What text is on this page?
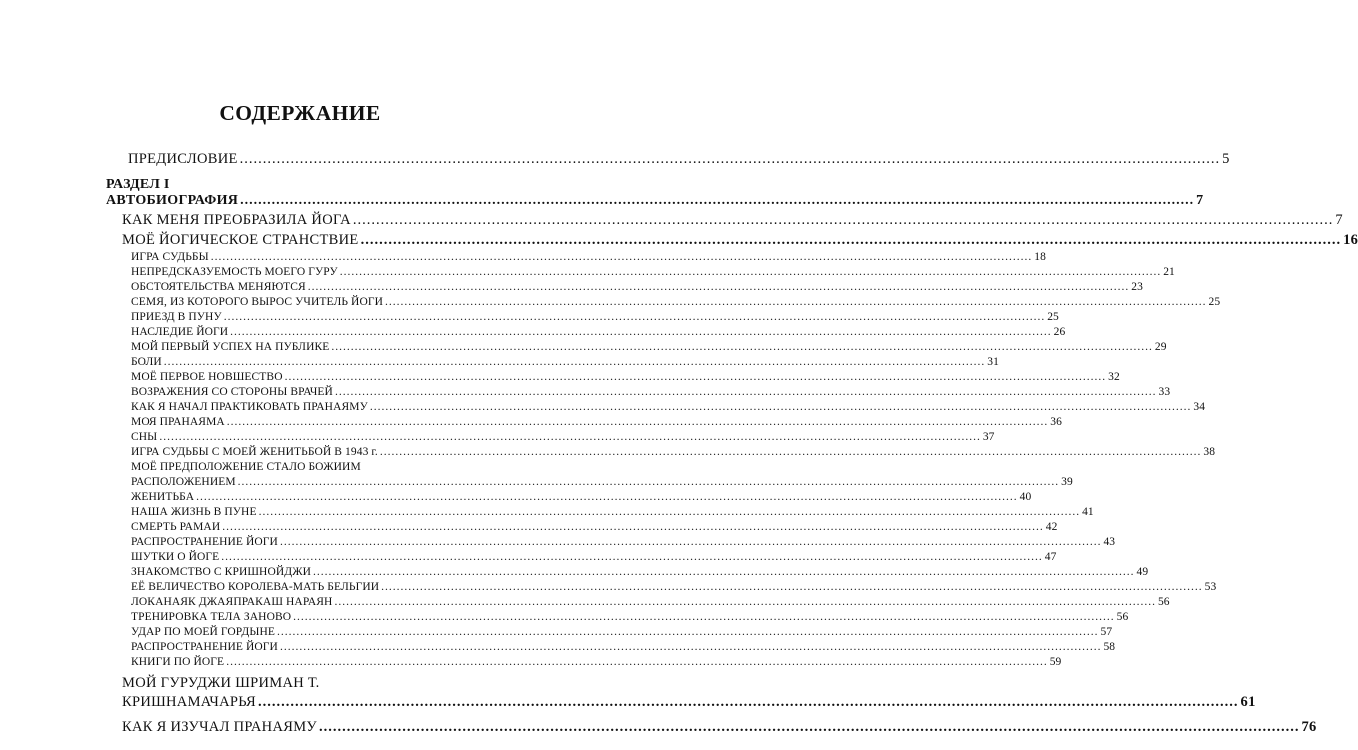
СОДЕРЖАНИЕ
ПРЕДИСЛОВИЕ .................................................................................................................................................................................................................... 5
РАЗДЕЛ I
АВТОБИОГРАФИЯ .................................................................................................................................................................................................................... 7
КАК МЕНЯ ПРЕОБРАЗИЛА ЙОГА .................................................................................................................................................................................................................... 7
МОЁ ЙОГИЧЕСКОЕ СТРАНСТВИЕ .................................................................................................................................................................................................................... 16
ИГРА СУДЬБЫ .................................................................................................................................................................................................................... 18
НЕПРЕДСКАЗУЕМОСТЬ МОЕГО ГУРУ .................................................................................................................................................................................................................... 21
ОБСТОЯТЕЛЬСТВА МЕНЯЮТСЯ .................................................................................................................................................................................................................... 23
СЕМЯ, ИЗ КОТОРОГО ВЫРОС УЧИТЕЛЬ ЙОГИ .................................................................................................................................................................................................................... 25
ПРИЕЗД В ПУНУ .................................................................................................................................................................................................................... 25
НАСЛЕДИЕ ЙОГИ .................................................................................................................................................................................................................... 26
МОЙ ПЕРВЫЙ УСПЕХ НА ПУБЛИКЕ .................................................................................................................................................................................................................... 29
БОЛИ .................................................................................................................................................................................................................... 31
МОЁ ПЕРВОЕ НОВШЕСТВО .................................................................................................................................................................................................................... 32
ВОЗРАЖЕНИЯ СО СТОРОНЫ ВРАЧЕЙ .................................................................................................................................................................................................................... 33
КАК Я НАЧАЛ ПРАКТИКОВАТЬ ПРАНАЯМУ .................................................................................................................................................................................................................... 34
МОЯ ПРАНАЯМА .................................................................................................................................................................................................................... 36
СНЫ .................................................................................................................................................................................................................... 37
ИГРА СУДЬБЫ С МОЕЙ ЖЕНИТЬБОЙ В 1943 г. .................................................................................................................................................................................................................... 38
МОЁ ПРЕДПОЛОЖЕНИЕ СТАЛО БОЖИИМ
РАСПОЛОЖЕНИЕМ .................................................................................................................................................................................................................... 39
ЖЕНИТЬБА .................................................................................................................................................................................................................... 40
НАША ЖИЗНЬ В ПУНЕ .................................................................................................................................................................................................................... 41
СМЕРТЬ РАМАИ .................................................................................................................................................................................................................... 42
РАСПРОСТРАНЕНИЕ ЙОГИ .................................................................................................................................................................................................................... 43
ШУТКИ О ЙОГЕ .................................................................................................................................................................................................................... 47
ЗНАКОМСТВО С КРИШНОЙДЖИ .................................................................................................................................................................................................................... 49
ЕЁ ВЕЛИЧЕСТВО КОРОЛЕВА-МАТЬ БЕЛЬГИИ .................................................................................................................................................................................................................... 53
ЛОКАНАЯК ДЖАЯПРАКАШ НАРАЯН .................................................................................................................................................................................................................... 56
ТРЕНИРОВКА ТЕЛА ЗАНОВО .................................................................................................................................................................................................................... 56
УДАР ПО МОЕЙ ГОРДЫНЕ .................................................................................................................................................................................................................... 57
РАСПРОСТРАНЕНИЕ ЙОГИ .................................................................................................................................................................................................................... 58
КНИГИ ПО ЙОГЕ .................................................................................................................................................................................................................... 59
МОЙ ГУРУДЖИ ШРИМАН Т.
КРИШНАМАЧАРЬЯ .................................................................................................................................................................................................................... 61
КАК Я ИЗУЧАЛ ПРАНАЯМУ .................................................................................................................................................................................................................... 76
